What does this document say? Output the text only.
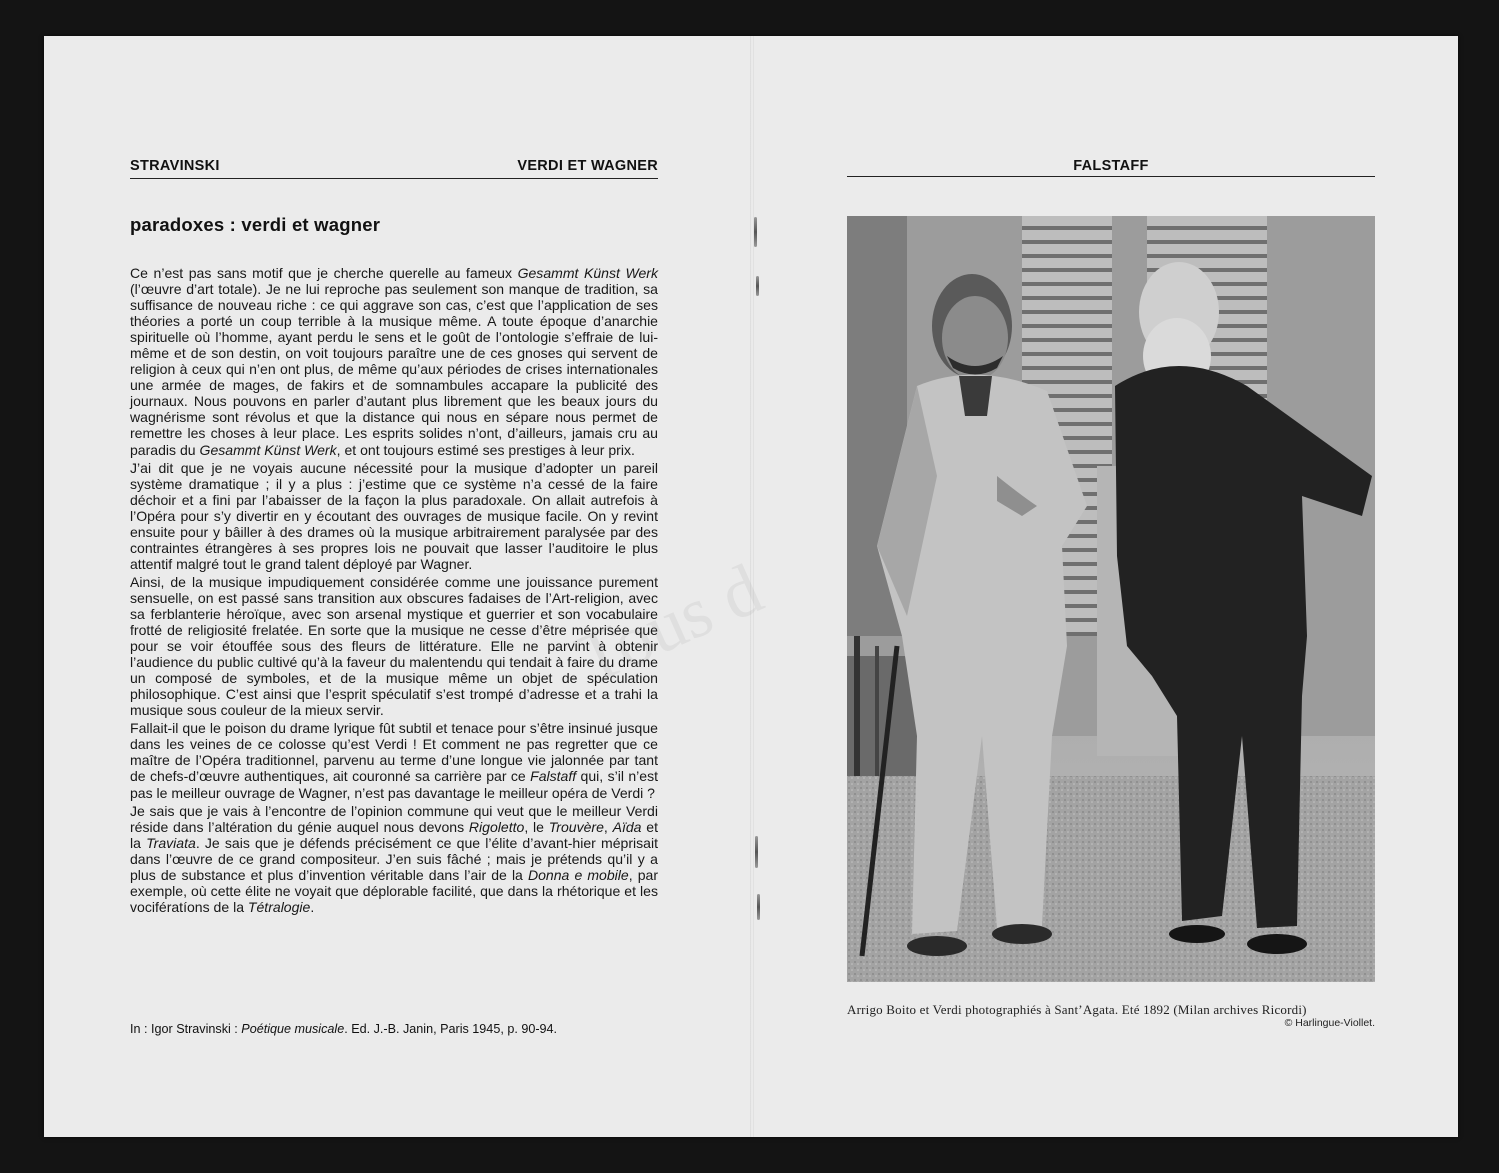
STRAVINSKI	VERDI ET WAGNER
paradoxes : verdi et wagner

Ce n’est pas sans motif que je cherche querelle au fameux Gesammt Künst Werk (l’œuvre d’art totale). Je ne lui reproche pas seulement son manque de tradition, sa suffisance de nouveau riche : ce qui aggrave son cas, c’est que l’application de ses théories a porté un coup terrible à la musique même. A toute époque d’anarchie spirituelle où l’homme, ayant perdu le sens et le goût de l’ontologie s’effraie de lui-même et de son destin, on voit toujours paraître une de ces gnoses qui servent de religion à ceux qui n’en ont plus, de même qu’aux périodes de crises internationales une armée de mages, de fakirs et de somnambules accapare la publicité des journaux. Nous pouvons en parler d’autant plus librement que les beaux jours du wagnérisme sont révolus et que la distance qui nous en sépare nous permet de remettre les choses à leur place. Les esprits solides n’ont, d’ailleurs, jamais cru au paradis du Gesammt Künst Werk, et ont toujours estimé ses prestiges à leur prix.

J’ai dit que je ne voyais aucune nécessité pour la musique d’adopter un pareil système dramatique ; il y a plus : j’estime que ce système n’a cessé de la faire déchoir et a fini par l’abaisser de la façon la plus paradoxale. On allait autrefois à l’Opéra pour s’y divertir en y écoutant des ouvrages de musique facile. On y revint ensuite pour y bâiller à des drames où la musique arbitrairement paralysée par des contraintes étrangères à ses propres lois ne pouvait que lasser l’auditoire le plus attentif malgré tout le grand talent déployé par Wagner.

Ainsi, de la musique impudiquement considérée comme une jouissance purement sensuelle, on est passé sans transition aux obscures fadaises de l’Art-religion, avec sa ferblanterie héroïque, avec son arsenal mystique et guerrier et son vocabulaire frotté de religiosité frelatée. En sorte que la musique ne cesse d’être méprisée que pour se voir étouffée sous des fleurs de littérature. Elle ne parvint à obtenir l’audience du public cultivé qu’à la faveur du malentendu qui tendait à faire du drame un composé de symboles, et de la musique même un objet de spéculation philosophique. C’est ainsi que l’esprit spéculatif s’est trompé d’adresse et a trahi la musique sous couleur de la mieux servir.

Fallait-il que le poison du drame lyrique fût subtil et tenace pour s’être insinué jusque dans les veines de ce colosse qu’est Verdi ! Et comment ne pas regretter que ce maître de l’Opéra traditionnel, parvenu au terme d’une longue vie jalonnée par tant de chefs-d’œuvre authentiques, ait couronné sa carrière par ce Falstaff qui, s’il n’est pas le meilleur ouvrage de Wagner, n’est pas davantage le meilleur opéra de Verdi ?

Je sais que je vais à l’encontre de l’opinion commune qui veut que le meilleur Verdi réside dans l’altération du génie auquel nous devons Rigoletto, le Trouvère, Aïda et la Traviata. Je sais que je défends précisément ce que l’élite d’avant-hier méprisait dans l’œuvre de ce grand compositeur. J’en suis fâché ; mais je prétends qu’il y a plus de substance et plus d’invention véritable dans l’air de la Donna e mobile, par exemple, où cette élite ne voyait que déplorable facilité, que dans la rhétorique et les vocifératíons de la Tétralogie.

In : Igor Stravinski : Poétique musicale. Ed. J.-B. Janin, Paris 1945, p. 90-94.
Tous d
FALSTAFF
Arrigo Boito et Verdi photographiés à Sant’Agata. Eté 1892 (Milan archives Ricordi)
© Harlingue-Viollet.
